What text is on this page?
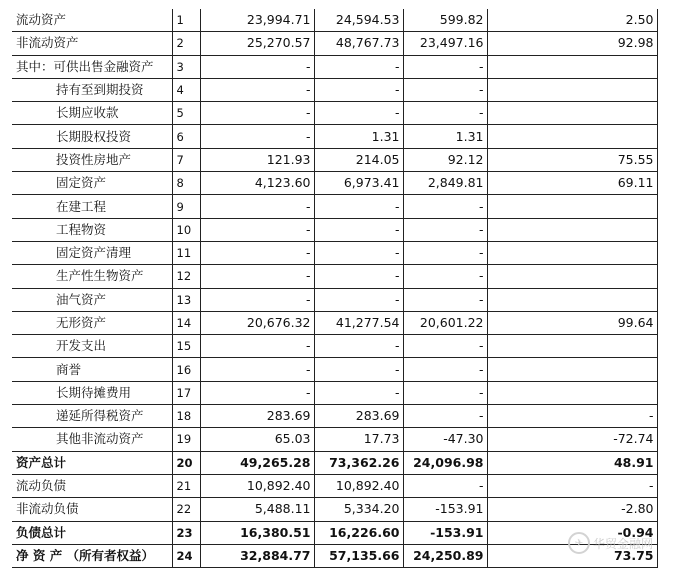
流动资产	1	23,994.71	24,594.53	599.82	2.50
非流动资产	2	25,270.57	48,767.73	23,497.16	92.98
其中：可供出售金融资产	3	-	-	-	
持有至到期投资	4	-	-	-	
长期应收款	5	-	-	-	
长期股权投资	6	-	1.31	1.31	
投资性房地产	7	121.93	214.05	92.12	75.55
固定资产	8	4,123.60	6,973.41	2,849.81	69.11
在建工程	9	-	-	-	
工程物资	10	-	-	-	
固定资产清理	11	-	-	-	
生产性生物资产	12	-	-	-	
油气资产	13	-	-	-	
无形资产	14	20,676.32	41,277.54	20,601.22	99.64
开发支出	15	-	-	-	
商誉	16	-	-	-	
长期待摊费用	17	-	-	-	
递延所得税资产	18	283.69	283.69	-	-
其他非流动资产	19	65.03	17.73	-47.30	-72.74
资产总计	20	49,265.28	73,362.26	24,096.98	48.91
流动负债	21	10,892.40	10,892.40	-	-
非流动负债	22	5,488.11	5,334.20	-153.91	-2.80
负债总计	23	16,380.51	16,226.60	-153.91	-0.94
净 资 产 （所有者权益）	24	32,884.77	57,135.66	24,250.89	73.75
✈ 华贸金融网
